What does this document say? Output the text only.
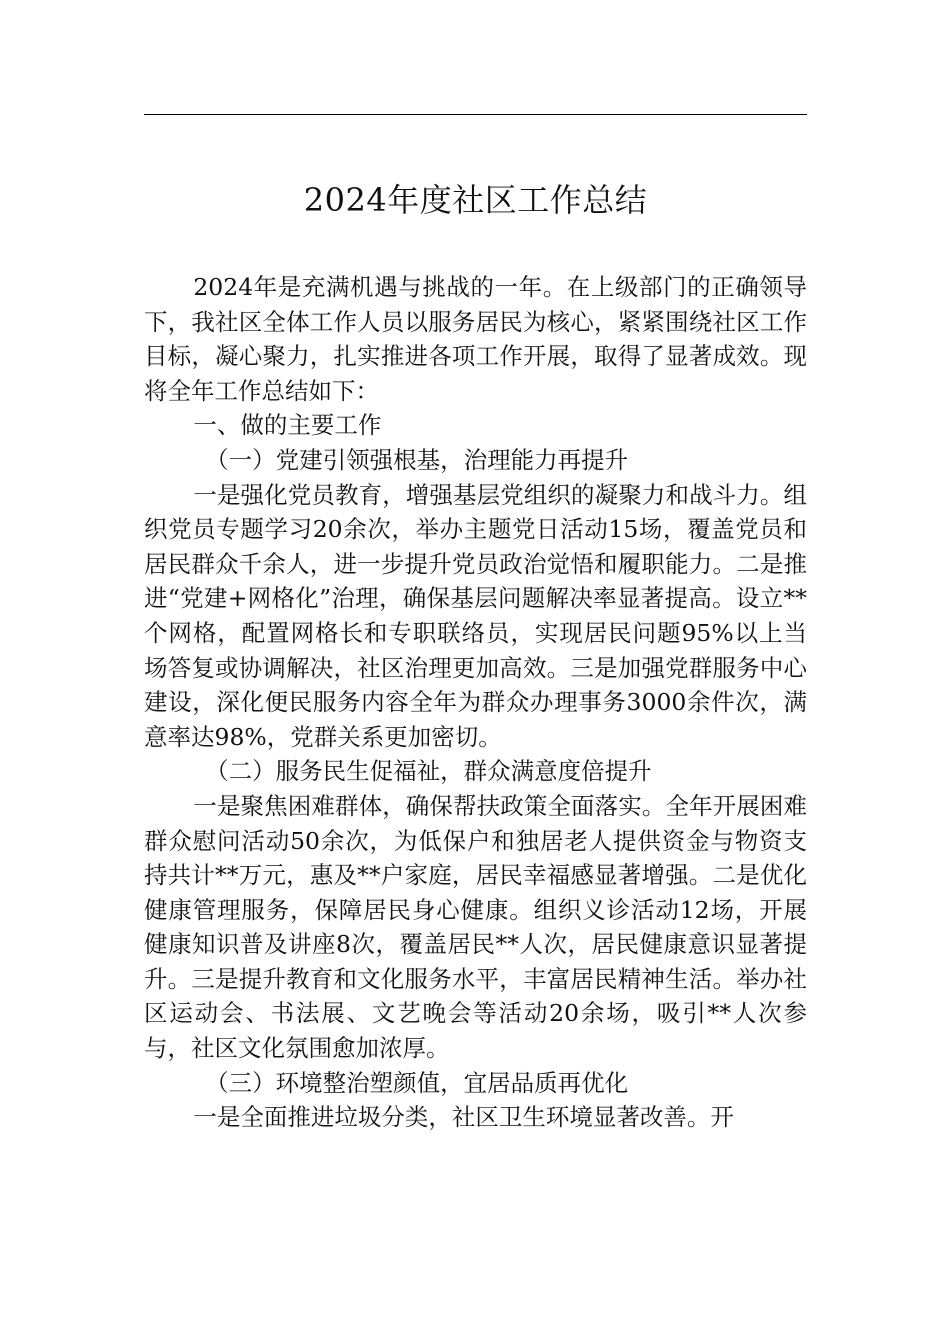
2024年度社区工作总结

2024年是充满机遇与挑战的一年。在上级部门的正确领导下，我社区全体工作人员以服务居民为核心，紧紧围绕社区工作目标，凝心聚力，扎实推进各项工作开展，取得了显著成效。现将全年工作总结如下：

一、做的主要工作

（一）党建引领强根基，治理能力再提升

一是强化党员教育，增强基层党组织的凝聚力和战斗力。组织党员专题学习20余次，举办主题党日活动15场，覆盖党员和居民群众千余人，进一步提升党员政治觉悟和履职能力。二是推进“党建+网格化”治理，确保基层问题解决率显著提高。设立**个网格，配置网格长和专职联络员，实现居民问题95%以上当场答复或协调解决，社区治理更加高效。三是加强党群服务中心建设，深化便民服务内容全年为群众办理事务3000余件次，满意率达98%，党群关系更加密切。

（二）服务民生促福祉，群众满意度倍提升

一是聚焦困难群体，确保帮扶政策全面落实。全年开展困难群众慰问活动50余次，为低保户和独居老人提供资金与物资支持共计**万元，惠及**户家庭，居民幸福感显著增强。二是优化健康管理服务，保障居民身心健康。组织义诊活动12场，开展健康知识普及讲座8次，覆盖居民**人次，居民健康意识显著提升。三是提升教育和文化服务水平，丰富居民精神生活。举办社区运动会、书法展、文艺晚会等活动20余场，吸引**人次参与，社区文化氛围愈加浓厚。

（三）环境整治塑颜值，宜居品质再优化

一是全面推进垃圾分类，社区卫生环境显著改善。开
